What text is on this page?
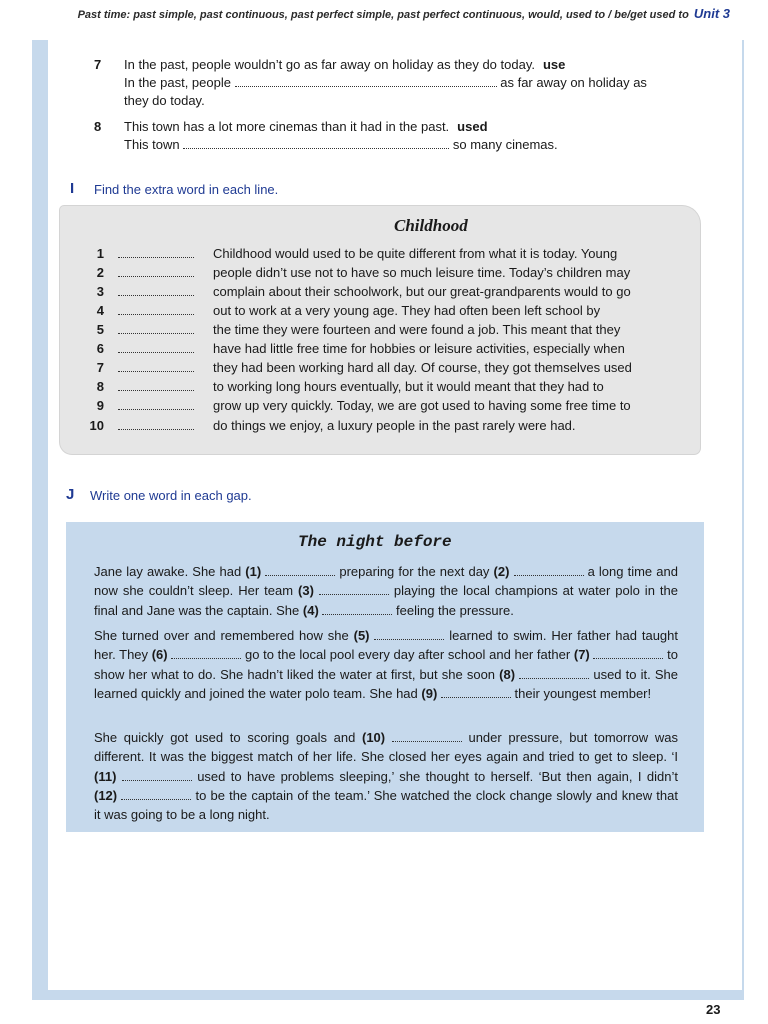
Past time: past simple, past continuous, past perfect simple, past perfect continuous, would, used to / be/get used to Unit 3
7	In the past, people wouldn’t go as far away on holiday as they do today. use
In the past, people	as far away on holiday as
they do today.
8	This town has a lot more cinemas than it had in the past. used
This town	so many cinemas.
I Find the extra word in each line.
Childhood
1	Childhood would used to be quite different from what it is today. Young
2	people didn’t use not to have so much leisure time. Today’s children may
3	complain about their schoolwork, but our great-grandparents would to go
4	out to work at a very young age. They had often been left school by
5	the time they were fourteen and were found a job. This meant that they
6	have had little free time for hobbies or leisure activities, especially when
7	they had been working hard all day. Of course, they got themselves used
8	to working long hours eventually, but it would meant that they had to
9	grow up very quickly. Today, we are got used to having some free time to
10	do things we enjoy, a luxury people in the past rarely were had.
J Write one word in each gap.
The night before
Jane lay awake. She had (1)	preparing for the next day (2)	a long time and now she couldn’t sleep. Her team (3)	playing the local champions at water polo in the final and Jane was the captain. She (4)	feeling the pressure.
She turned over and remembered how she (5)	learned to swim. Her father had taught her. They (6)	go to the local pool every day after school and her father (7)	to show her what to do. She hadn’t liked the water at first, but she soon (8)	used to it. She learned quickly and joined the water polo team. She had (9)	their youngest member!
She quickly got used to scoring goals and (10)	under pressure, but tomorrow was different. It was the biggest match of her life. She closed her eyes again and tried to get to sleep. ‘I (11)	used to have problems sleeping,’ she thought to herself. ‘But then again, I didn’t (12)	to be the captain of the team.’ She watched the clock change slowly and knew that it was going to be a long night.
23
